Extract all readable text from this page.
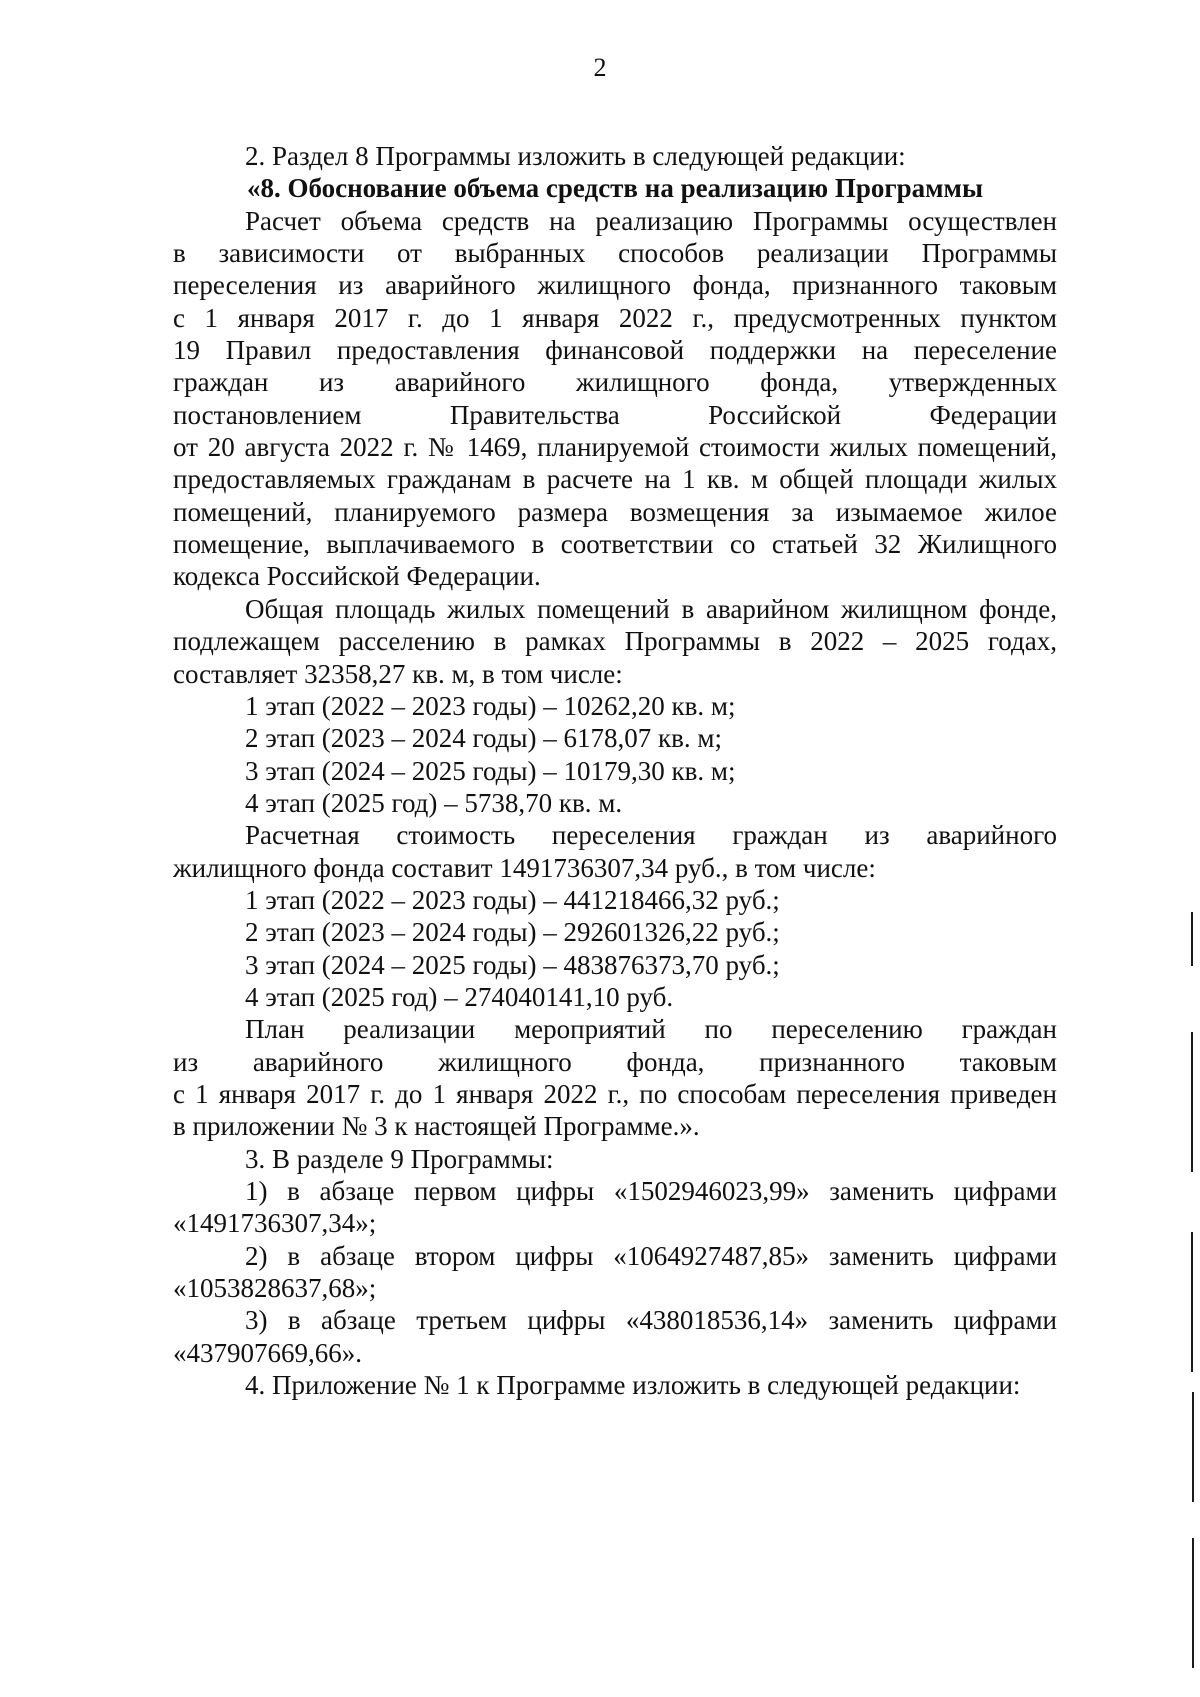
2
2. Раздел 8 Программы изложить в следующей редакции:
«8. Обоснование объема средств на реализацию Программы
Расчет объема средств на реализацию Программы осуществлен
в зависимости от выбранных способов реализации Программы
переселения из аварийного жилищного фонда, признанного таковым
с 1 января 2017 г. до 1 января 2022 г., предусмотренных пунктом
19 Правил предоставления финансовой поддержки на переселение
граждан из аварийного жилищного фонда, утвержденных
постановлением Правительства Российской Федерации
от 20 августа 2022 г. № 1469, планируемой стоимости жилых помещений,
предоставляемых гражданам в расчете на 1 кв. м общей площади жилых
помещений, планируемого размера возмещения за изымаемое жилое
помещение, выплачиваемого в соответствии со статьей 32 Жилищного
кодекса Российской Федерации.
Общая площадь жилых помещений в аварийном жилищном фонде,
подлежащем расселению в рамках Программы в 2022 – 2025 годах,
составляет 32358,27 кв. м, в том числе:
1 этап (2022 – 2023 годы) – 10262,20 кв. м;
2 этап (2023 – 2024 годы) – 6178,07 кв. м;
3 этап (2024 – 2025 годы) – 10179,30 кв. м;
4 этап (2025 год) – 5738,70 кв. м.
Расчетная стоимость переселения граждан из аварийного
жилищного фонда составит 1491736307,34 руб., в том числе:
1 этап (2022 – 2023 годы) – 441218466,32 руб.;
2 этап (2023 – 2024 годы) – 292601326,22 руб.;
3 этап (2024 – 2025 годы) – 483876373,70 руб.;
4 этап (2025 год) – 274040141,10 руб.
План реализации мероприятий по переселению граждан
из аварийного жилищного фонда, признанного таковым
с 1 января 2017 г. до 1 января 2022 г., по способам переселения приведен
в приложении № 3 к настоящей Программе.».
3. В разделе 9 Программы:
1) в абзаце первом цифры «1502946023,99» заменить цифрами
«1491736307,34»;
2) в абзаце втором цифры «1064927487,85» заменить цифрами
«1053828637,68»;
3) в абзаце третьем цифры «438018536,14» заменить цифрами
«437907669,66».
4. Приложение № 1 к Программе изложить в следующей редакции:
